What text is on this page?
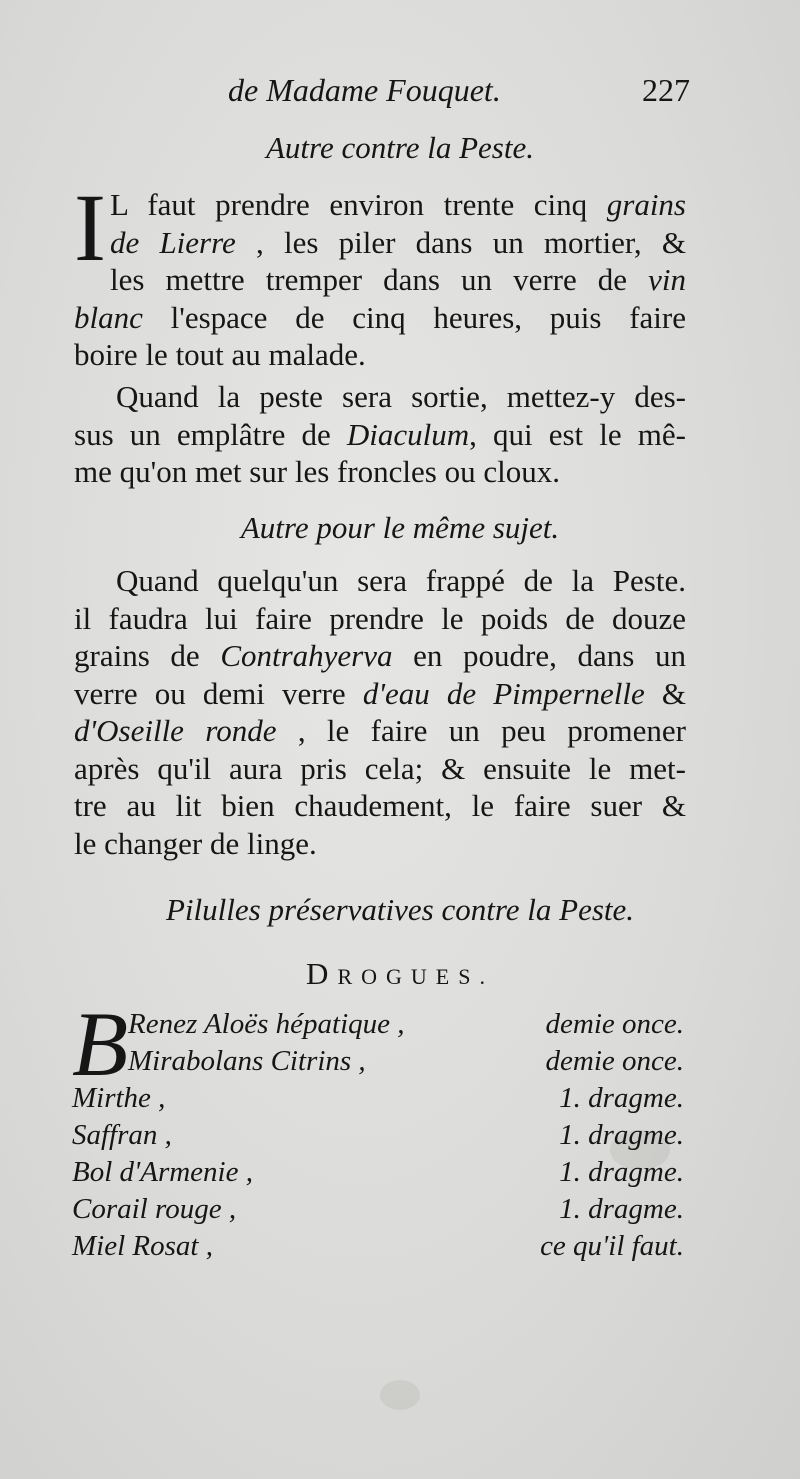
de Madame Fouquet.	227
Autre contre la Peste.
I L faut prendre environ trente cinq grains
de Lierre , les piler dans un mortier, &
les mettre tremper dans un verre de vin
blanc l'espace de cinq heures, puis faire
boire le tout au malade.
Quand la peste sera sortie, mettez-y des-
sus un emplâtre de Diaculum, qui est le mê-
me qu'on met sur les froncles ou cloux.
Autre pour le même sujet.
Quand quelqu'un sera frappé de la Peste.
il faudra lui faire prendre le poids de douze
grains de Contrahyerva en poudre, dans un
verre ou demi verre d'eau de Pimpernelle &
d'Oseille ronde , le faire un peu promener
après qu'il aura pris cela; & ensuite le met-
tre au lit bien chaudement, le faire suer &
le changer de linge.
Pilulles préservatives contre la Peste.
DROGUES.
B Renez Aloës hépatique ,	demie once.
Mirabolans Citrins ,	demie once.
Mirthe ,	1. dragme.
Saffran ,	1. dragme.
Bol d'Armenie ,	1. dragme.
Corail rouge ,	1. dragme.
Miel Rosat ,	ce qu'il faut.
